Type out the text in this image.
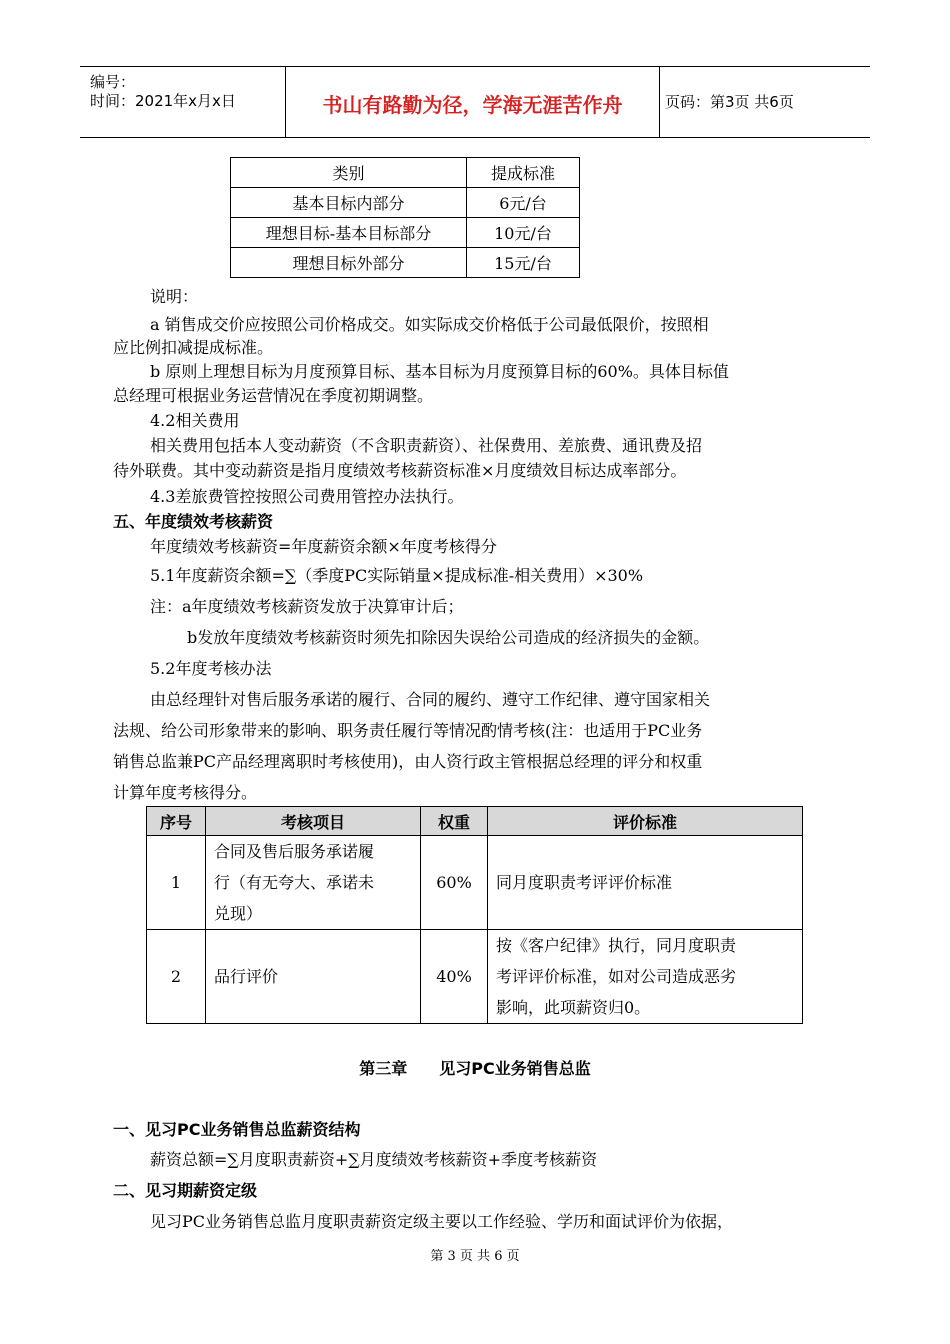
编号：
时间：2021年x月x日	书山有路勤为径，学海无涯苦作舟	页码：第3页 共6页
类别	提成标准
基本目标内部分	6元/台
理想目标-基本目标部分	10元/台
理想目标外部分	15元/台
说明：
a 销售成交价应按照公司价格成交。如实际成交价格低于公司最低限价，按照相
应比例扣减提成标准。
b 原则上理想目标为月度预算目标、基本目标为月度预算目标的60%。具体目标值
总经理可根据业务运营情况在季度初期调整。
4.2相关费用
相关费用包括本人变动薪资（不含职责薪资）、社保费用、差旅费、通讯费及招
待外联费。其中变动薪资是指月度绩效考核薪资标准×月度绩效目标达成率部分。
4.3差旅费管控按照公司费用管控办法执行。
五、年度绩效考核薪资
年度绩效考核薪资=年度薪资余额×年度考核得分
5.1年度薪资余额=∑（季度PC实际销量×提成标准-相关费用）×30%
注：a年度绩效考核薪资发放于决算审计后；
b发放年度绩效考核薪资时须先扣除因失误给公司造成的经济损失的金额。
5.2年度考核办法
由总经理针对售后服务承诺的履行、合同的履约、遵守工作纪律、遵守国家相关
法规、给公司形象带来的影响、职务责任履行等情况酌情考核(注：也适用于PC业务
销售总监兼PC产品经理离职时考核使用)，由人资行政主管根据总经理的评分和权重
计算年度考核得分。
序号	考核项目	权重	评价标准
1	合同及售后服务承诺履
行（有无夸大、承诺未
兑现）	60%	同月度职责考评评价标准

2	品行评价	40%	按《客户纪律》执行，同月度职责
考评评价标准，如对公司造成恶劣
影响，此项薪资归0。
第三章　　见习PC业务销售总监
一、见习PC业务销售总监薪资结构
薪资总额=∑月度职责薪资+∑月度绩效考核薪资+季度考核薪资
二、见习期薪资定级
见习PC业务销售总监月度职责薪资定级主要以工作经验、学历和面试评价为依据，
第 3 页 共 6 页
